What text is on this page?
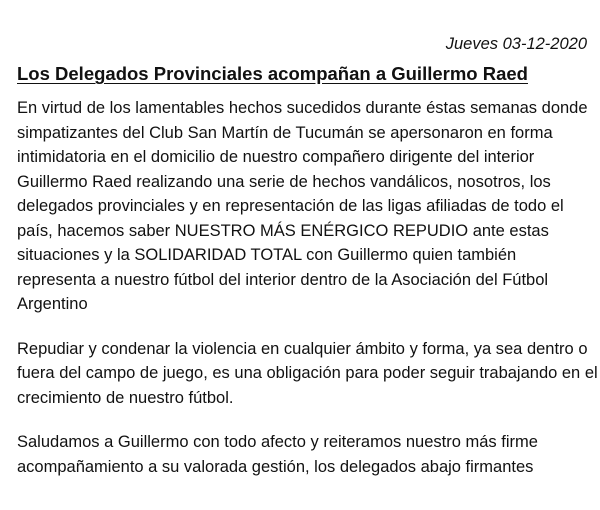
Jueves 03-12-2020
Los Delegados Provinciales acompañan a Guillermo Raed

En virtud de los lamentables hechos sucedidos durante éstas semanas donde
simpatizantes del Club San Martín de Tucumán se apersonaron en forma
intimidatoria en el domicilio de nuestro compañero dirigente del interior
Guillermo Raed realizando una serie de hechos vandálicos, nosotros, los
delegados provinciales y en representación de las ligas afiliadas de todo el
país, hacemos saber NUESTRO MÁS ENÉRGICO REPUDIO ante estas
situaciones y la SOLIDARIDAD TOTAL con Guillermo quien también
representa a nuestro fútbol del interior dentro de la Asociación del Fútbol
Argentino

Repudiar y condenar la violencia en cualquier ámbito y forma, ya sea dentro o
fuera del campo de juego, es una obligación para poder seguir trabajando en el
crecimiento de nuestro fútbol.

Saludamos a Guillermo con todo afecto y reiteramos nuestro más firme
acompañamiento a su valorada gestión, los delegados abajo firmantes
